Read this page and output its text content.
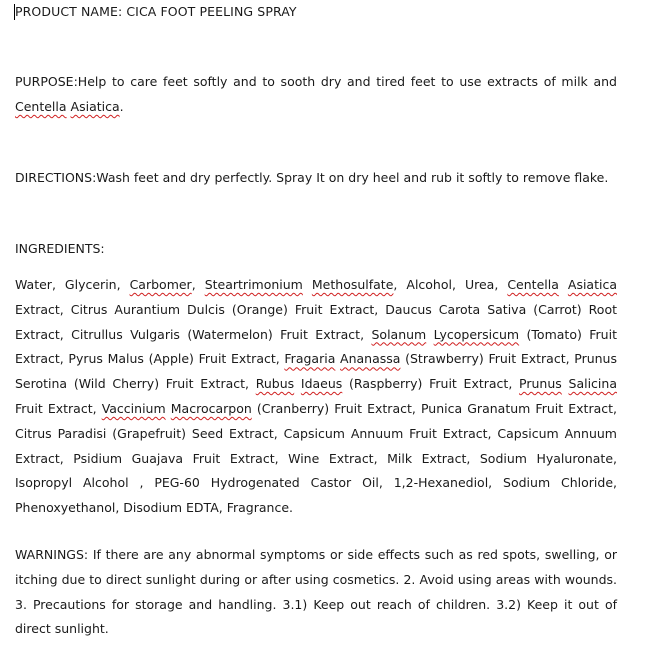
PRODUCT NAME: CICA FOOT PEELING SPRAY

PURPOSE:Help to care feet softly and to sooth dry and tired feet to use extracts of milk and Centella Asiatica.

DIRECTIONS:Wash feet and dry perfectly. Spray It on dry heel and rub it softly to remove flake.

INGREDIENTS:

Water, Glycerin, Carbomer, Steartrimonium Methosulfate, Alcohol, Urea, Centella Asiatica Extract, Citrus Aurantium Dulcis (Orange) Fruit Extract, Daucus Carota Sativa (Carrot) Root Extract, Citrullus Vulgaris (Watermelon) Fruit Extract, Solanum Lycopersicum (Tomato) Fruit Extract, Pyrus Malus (Apple) Fruit Extract, Fragaria Ananassa (Strawberry) Fruit Extract, Prunus Serotina (Wild Cherry) Fruit Extract, Rubus Idaeus (Raspberry) Fruit Extract, Prunus Salicina Fruit Extract, Vaccinium Macrocarpon (Cranberry) Fruit Extract, Punica Granatum Fruit Extract, Citrus Paradisi (Grapefruit) Seed Extract, Capsicum Annuum Fruit Extract, Capsicum Annuum Extract, Psidium Guajava Fruit Extract, Wine Extract, Milk Extract, Sodium Hyaluronate, Isopropyl Alcohol , PEG-60 Hydrogenated Castor Oil, 1,2-Hexanediol, Sodium Chloride, Phenoxyethanol, Disodium EDTA, Fragrance.

WARNINGS: If there are any abnormal symptoms or side effects such as red spots, swelling, or itching due to direct sunlight during or after using cosmetics. 2. Avoid using areas with wounds. 3. Precautions for storage and handling. 3.1) Keep out reach of children. 3.2) Keep it out of direct sunlight.
